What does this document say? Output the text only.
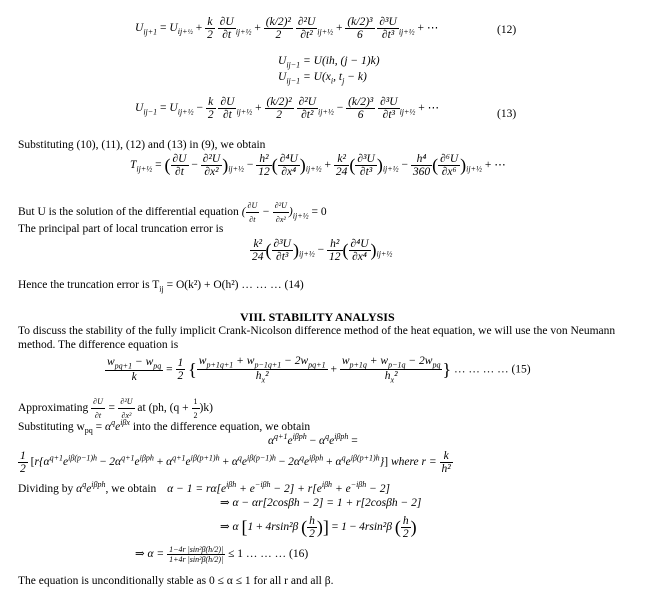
$U_{ij+1} = U_{ij+\frac{1}{2}} + \frac{k}{2}$
$\frac{\partial U}{\partial t} _{ij+\frac{1}{2}} + \frac{\text{(k/2)²}}{2}$
$\frac{\text{∂²U}}{\text{∂t²}} _{ij+\frac{1}{2}} + \frac{\text{(k/2)³}}{6}$
$\frac{\text{∂³U}}{\text{∂t³}} _{ij+\frac{1}{2}}$ + ⋯	(12)
$U_{ij-1} = U(ih$, (j − 1)k)
$U_{ij-1} = U(x_i$, $t_j - k$)
$U_{ij-1} = U_{ij+\frac{1}{2}} - \frac{k}{2}$
$\frac{\partial U}{\partial t} _{ij+\frac{1}{2}} + \frac{\text{(k/2)²}}{2}$
$\frac{\text{∂²U}}{\text{∂t²}} _{ij+\frac{1}{2}} - \frac{\text{(k/2)³}}{6}$
$\frac{\text{∂³U}}{\text{∂t³}} _{ij+\frac{1}{2}}$ + ⋯	(13)
Substituting (10), (11), (12) and (13) in (9), we obtain
$T_{ij+\frac{1}{2}}$ = ( $\frac{\partial U}{\partial t} - \frac{\text{∂²U}}{\text{∂x²}} )_{ij+\frac{1}{2}} - \frac{\text{h²}}{12}$ ( $\frac{\text{∂⁴U}}{\text{∂x⁴}} )_{ij+\frac{1}{2}} + \frac{\text{k²}}{24}$ ( $\frac{\text{∂³U}}{\text{∂t³}} )_{ij+\frac{1}{2}} - \frac{\text{h⁴}}{360}$ ( $\frac{\text{∂⁶U}}{\text{∂x⁶}} )_{ij+\frac{1}{2}}$ + ⋯
But U is the solution of the differential equation ( $\frac{\partial U}{\partial t} - \frac{\text{∂²U}}{\text{∂x²}} )_{ij+\frac{1}{2}} = 0$
The principal part of local truncation error is
$\frac{\text{k²}}{24}$ ( $\frac{\text{∂³U}}{\text{∂t³}} )_{ij+\frac{1}{2}} - \frac{\text{h²}}{12}$ ( $\frac{\text{∂⁴U}}{\text{∂x⁴}} )_{ij+\frac{1}{2}}$
Hence the truncation error is $T_{ij} = O(k^2) + O(h^2)$ … … … (14)
VIII. STABILITY ANALYSIS
To discuss the stability of the fully implicit Crank-Nicolson difference method of the heat equation, we will use the von Neumann
method. The difference equation is
$\frac{w_{pq+1} - w_{pq}}{k} = \frac{1}{2}$ { $\frac{w_{p+1q+1} + w_{p-1q+1} - 2w_{pq+1}}{h_x^2} + \frac{w_{p+1q} + w_{p-1q} - 2w_{pq}}{h_x^2}$ } … … … … (15)
Approximating $\frac{\partial U}{\partial t} = \frac{\text{∂²U}}{\text{∂x²}}$ at (ph, $(q + \frac{1}{2} )k$)
Substituting $w_{pq} = \alpha^qe^{i\beta x}$ into the difference equation, we obtain
$\alpha^{q+1}e^{i\beta ph} - \alpha^qe^{i\beta ph}$ =
$\frac{1}{2} [r\{\alpha^{q+1}e^{i\beta(p-1)h} - 2\alpha^{q+1}e^{i\beta ph} + \alpha^{q+1}e^{i\beta(p+1)h} + \alpha^qe^{i\beta(p-1)h} - 2\alpha^qe^{i\beta ph} + \alpha^qe^{i\beta(p+1)h}\}]$ where $r = \frac{k}{\text{h²}}$
Dividing by $\alpha^qe^{i\beta ph}$, we obtain $\alpha - 1 = r\alpha[e^{i\beta h} + e^{-i\beta h} - 2] + r[e^{i\beta h} + e^{-i\beta h} - 2]$
⇒ α − αr[2cosβh − 2] = 1 + r[2cosβh − 2]
⇒ α [1 + 4rsin²β ( $\frac{h}{2}$ )] = 1 − 4rsin²β ( $\frac{h}{2}$ )
⇒ $\alpha = \frac{\text{1−4r |sin²β(h/2)|}}{\text{1+4r |sin²β(h/2)|}} \le 1$ … … … (16)
The equation is unconditionally stable as 0 ≤ α ≤ 1 for all r and all β.
